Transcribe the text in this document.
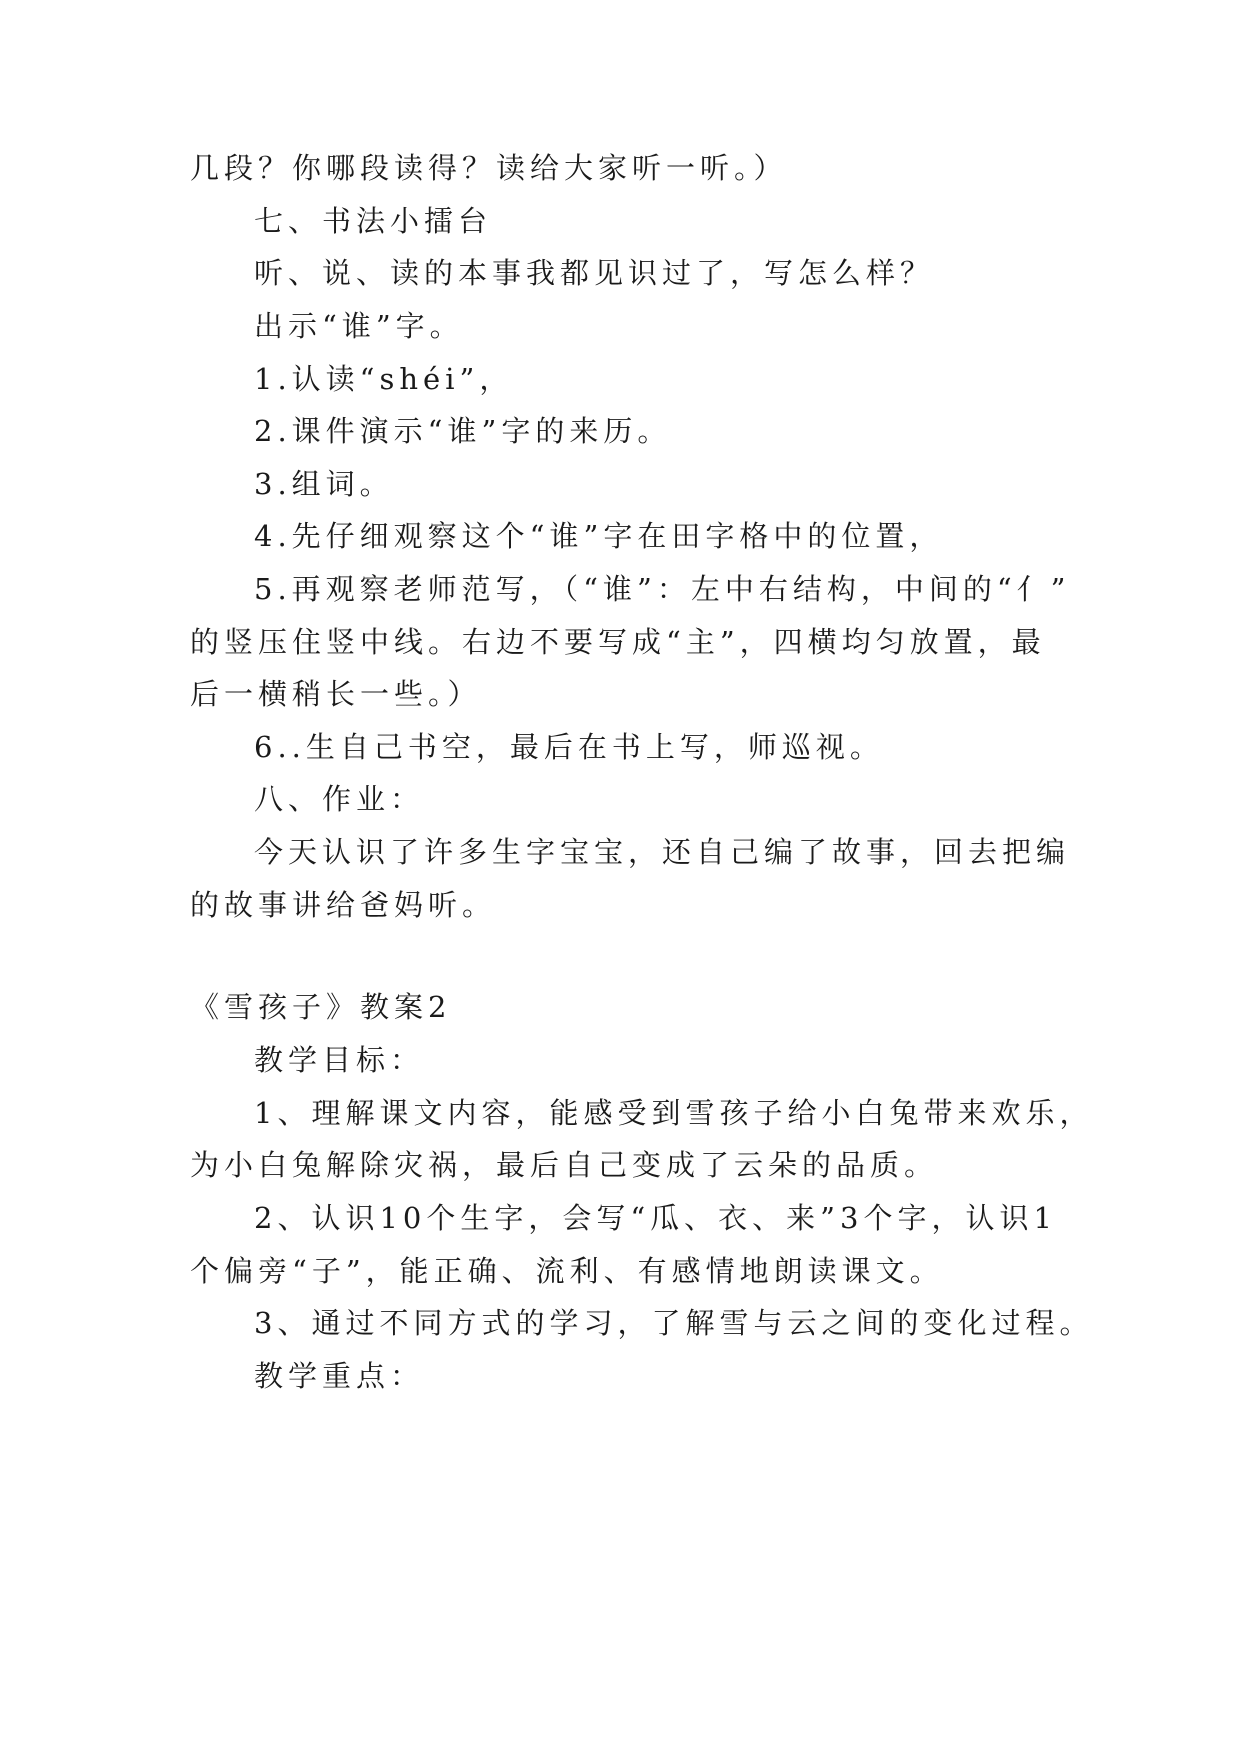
几段？你哪段读得？读给大家听一听。）
七、书法小擂台
听、说、读的本事我都见识过了，写怎么样？
出示“谁”字。
1.认读“shéi”，
2.课件演示“谁”字的来历。
3.组词。
4.先仔细观察这个“谁”字在田字格中的位置，
5.再观察老师范写，（“谁”：左中右结构，中间的“亻”
的竖压住竖中线。右边不要写成“主”，四横均匀放置，最
后一横稍长一些。）
6..生自己书空，最后在书上写，师巡视。
八、作业：
今天认识了许多生字宝宝，还自己编了故事，回去把编
的故事讲给爸妈听。
《雪孩子》教案2
教学目标：
1、理解课文内容，能感受到雪孩子给小白兔带来欢乐，
为小白兔解除灾祸，最后自己变成了云朵的品质。
2、认识10个生字，会写“瓜、衣、来”3个字，认识1
个偏旁“子”，能正确、流利、有感情地朗读课文。
3、通过不同方式的学习，了解雪与云之间的变化过程。
教学重点：
